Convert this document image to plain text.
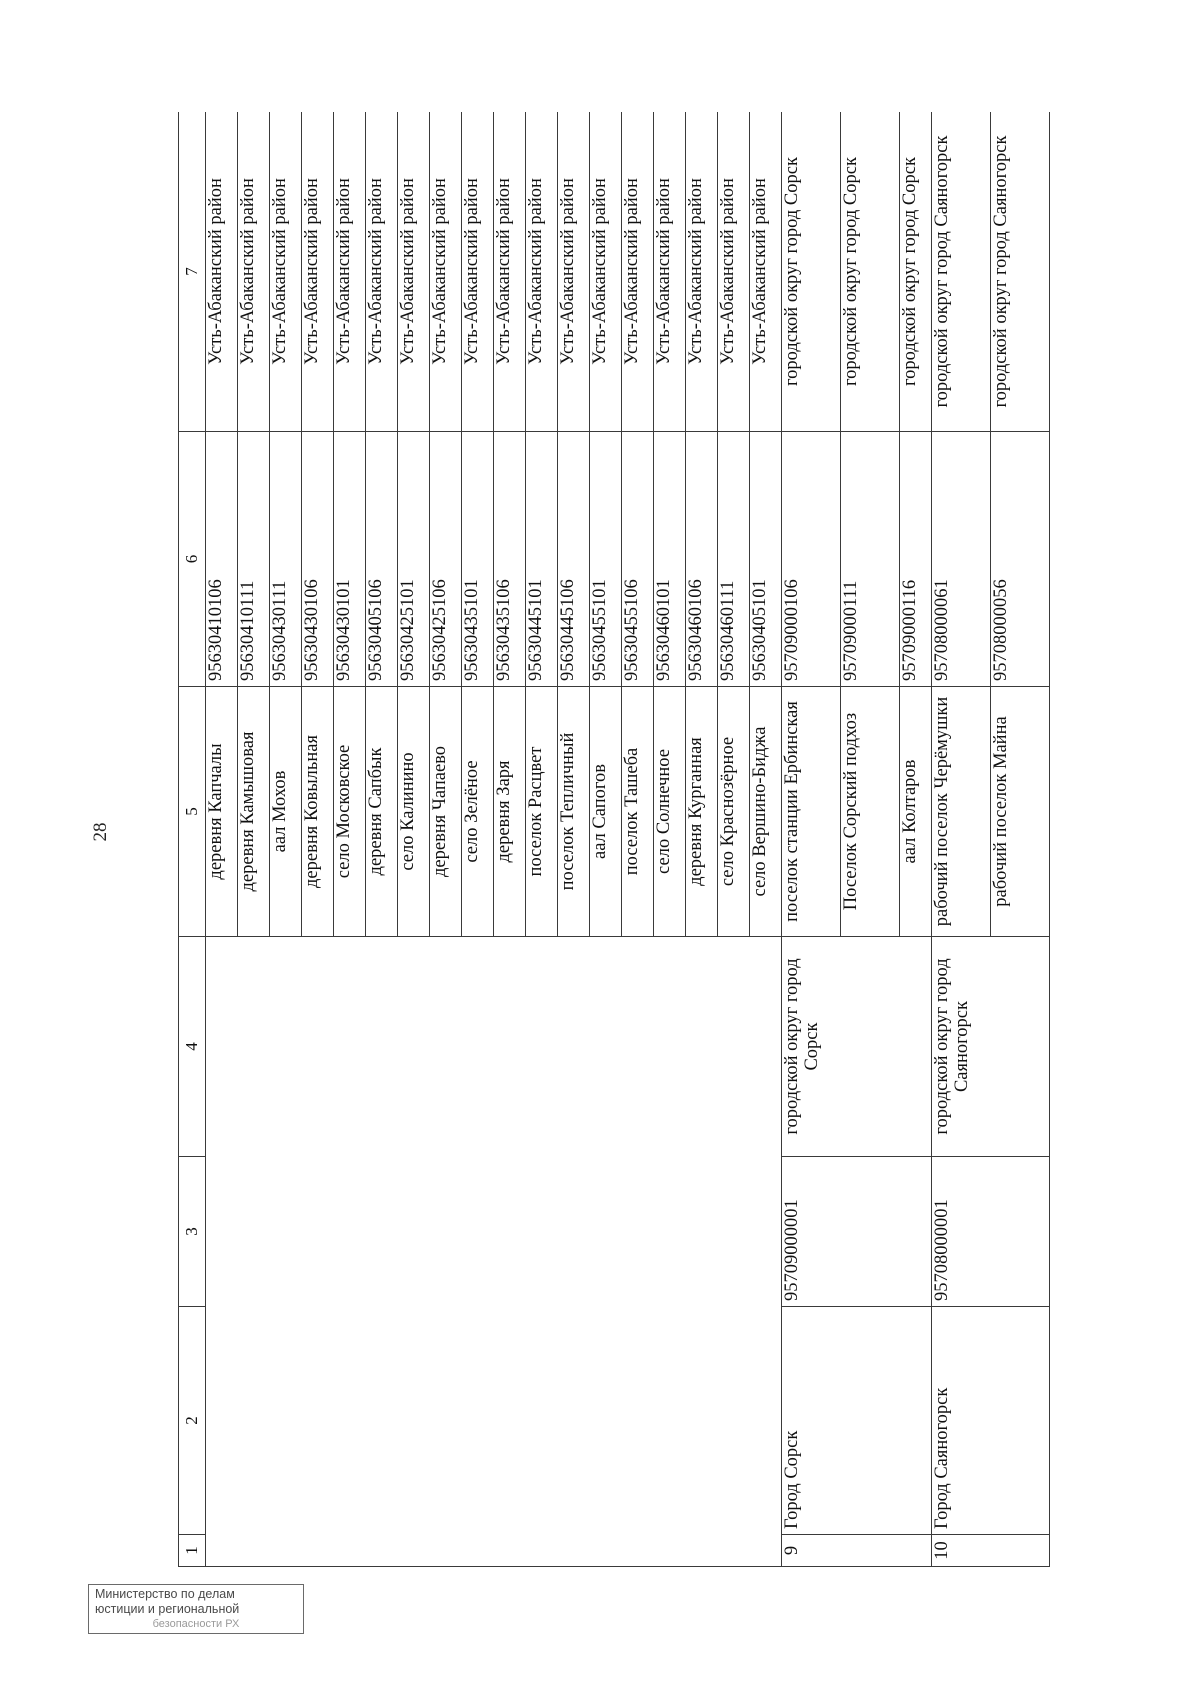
28
Министерство по делам
юстиции и региональной
безопасности РХ
1	2	3	4	5	6	7
				деревня Капчалы	95630410106	Усть-Абаканский район
				деревня Камышовая	95630410111	Усть-Абаканский район
				аал Мохов	95630430111	Усть-Абаканский район
				деревня Ковыльная	95630430106	Усть-Абаканский район
				село Московское	95630430101	Усть-Абаканский район
				деревня Сапбык	95630405106	Усть-Абаканский район
				село Калинино	95630425101	Усть-Абаканский район
				деревня Чапаево	95630425106	Усть-Абаканский район
				село Зелёное	95630435101	Усть-Абаканский район
				деревня Заря	95630435106	Усть-Абаканский район
				поселок Расцвет	95630445101	Усть-Абаканский район
				поселок Тепличный	95630445106	Усть-Абаканский район
				аал Сапогов	95630455101	Усть-Абаканский район
				поселок Ташеба	95630455106	Усть-Абаканский район
				село Солнечное	95630460101	Усть-Абаканский район
				деревня Курганная	95630460106	Усть-Абаканский район
				село Краснозёрное	95630460111	Усть-Абаканский район
				село Вершино-Биджа	95630405101	Усть-Абаканский район
9	Город Сорск	95709000001	городской округ город Сорск	поселок станции Ербинская	95709000106	городской округ город Сорск
				Поселок Сорский подхоз	95709000111	городской округ город Сорск
				аал Колтаров	95709000116	городской округ город Сорск
10	Город Саяногорск	95708000001	городской округ город Саяногорск	рабочий поселок Черёмушки	95708000061	городской округ город Саяногорск
				рабочий поселок Майна	95708000056	городской округ город Саяногорск
